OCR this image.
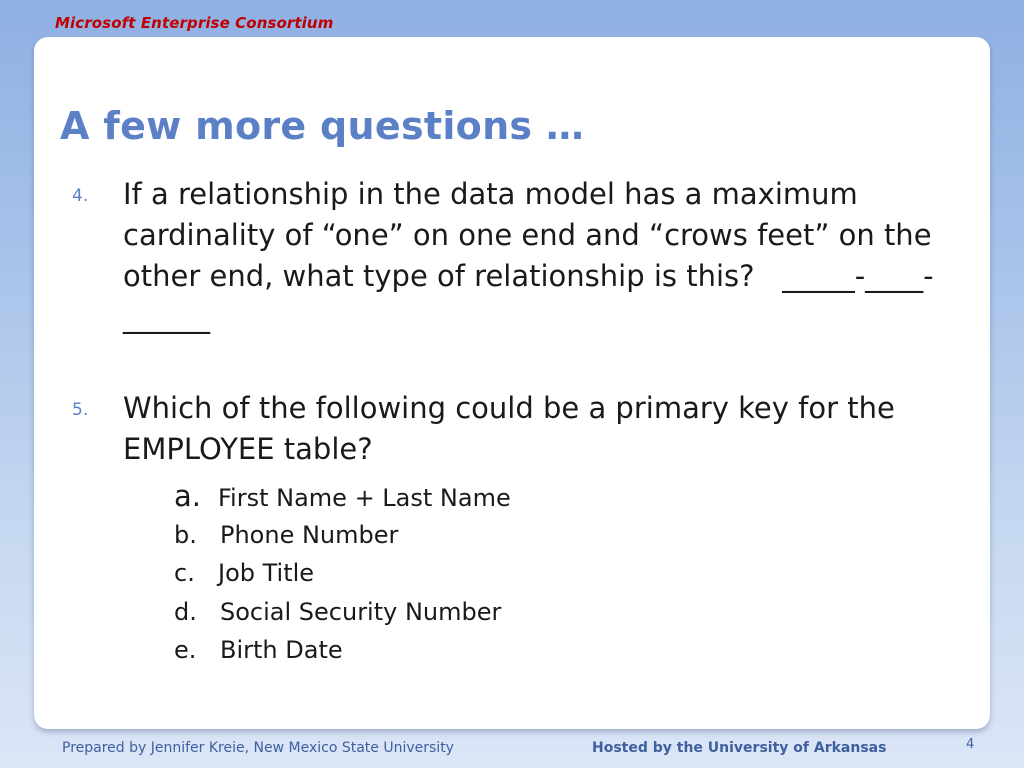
Microsoft Enterprise Consortium
A few more questions …
4. If a relationship in the data model has a maximum cardinality of “one” on one end and “crows feet” on the other end, what type of relationship is this?   _____-____-______
5. Which of the following could be a primary key for the EMPLOYEE table?
a. First Name + Last Name
b. Phone Number
c. Job Title
d. Social Security Number
e. Birth Date
Prepared by Jennifer Kreie, New Mexico State University	Hosted by the University of Arkansas	4
